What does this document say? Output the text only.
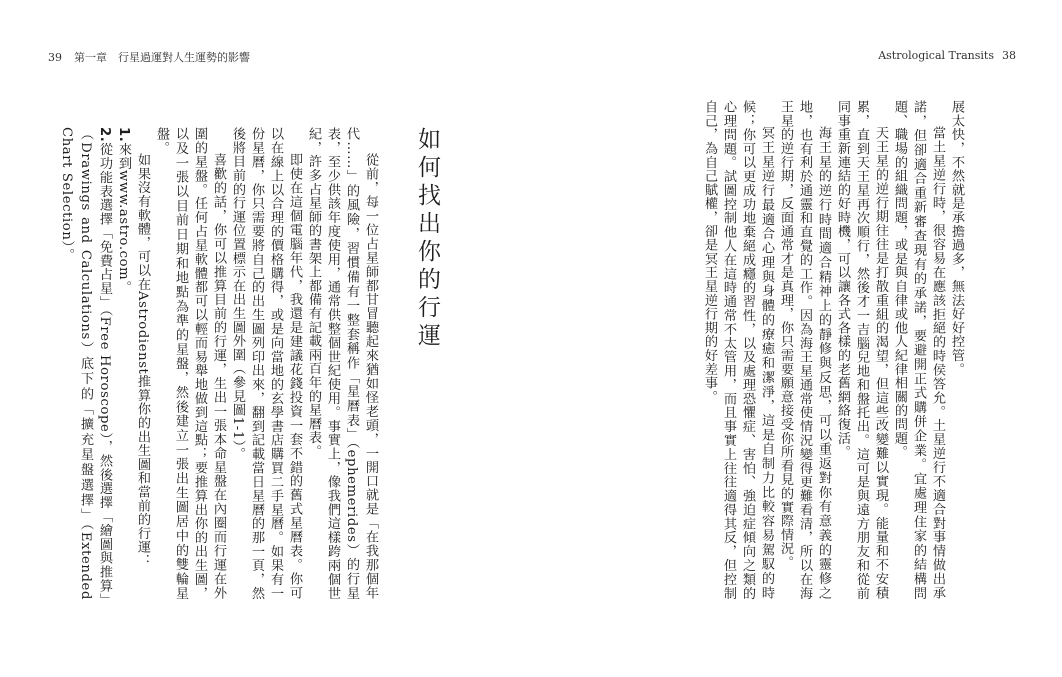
39 第一章　行星過運對人生運勢的影響	Astrological Transits 38

展太快，不然就是承擔過多，無法好好控管。

當土星逆行時，很容易在應該拒絕的時侯答允。土星逆行不適合對事情做出承諾，但卻適合重新審查現有的承諾，要避開正式購併企業。宜處理住家的結構問題、職場的組織問題，或是與自律或他人紀律相關的問題。

天王星的逆行期往往是打散重組的渴望，但這些改變難以實現。能量和不安積累，直到天王星再次順行，然後才一吉腦兒地和盤托出。這可是與遠方朋友和從前同事重新連結的好時機，可以讓各式各樣的老舊網絡復活。

海王星的逆行時間適合精神上的靜修與反思，可以重返對你有意義的靈修之地，也有利於通靈和直覺的工作。因為海王星通常使情況變得更難看清，所以在海王星的逆行期，反面通常才是真理，你只需要願意接受你所看見的實際情況。

冥王星逆行最適合心理與身體的療癒和潔淨，這是自制力比較容易駕馭的時候；你可以更成功地棄絕成癮的習性，以及處理恐懼症、害怕、強迫症傾向之類的心理問題。試圖控制他人在這時通常不太管用，而且事實上往往適得其反，但控制自己，為自己賦權，卻是冥王星逆行期的好差事。

如何找出你的行運

從前，每一位占星師都甘冒聽起來猶如怪老頭，一開口就是「在我那個年代……」的風險，習慣備有一整套稱作「星曆表」（ephemerides）的行星表，至少供該年度使用，通常供整個世紀使用。事實上，像我們這樣跨兩個世紀，許多占星師的書架上都備有記載兩百年的星曆表。

即使在這個電腦年代，我還是建議花錢投資一套不錯的舊式星曆表。你可以在線上以合理的價格購得，或是向當地的玄學書店購買二手星曆。如果有一份星曆，你只需要將自己的出生圖列印出來，翻到記載當日星曆的那一頁，然後將目前的行運位置標示在出生圖外圍（參見圖1-1）。

喜歡的話，你可以推算目前的行運，生出一張本命星盤在內圈而行運在外圍的星盤。任何占星軟體都可以輕而易舉地做到這點；要推算出你的出生圖，以及一張以目前日期和地點為準的星盤，然後建立一張出生圖居中的雙輪星盤。

如果沒有軟體，可以在Astrodienst推算你的出生圖和當前的行運：

1.來到www.astro.com。

2.從功能表選擇「免費占星」（Free Horoscope），然後選擇「繪圖與推算」（Drawings and Calculations）底下的「擴充星盤選擇」（Extended Chart Selection）。
